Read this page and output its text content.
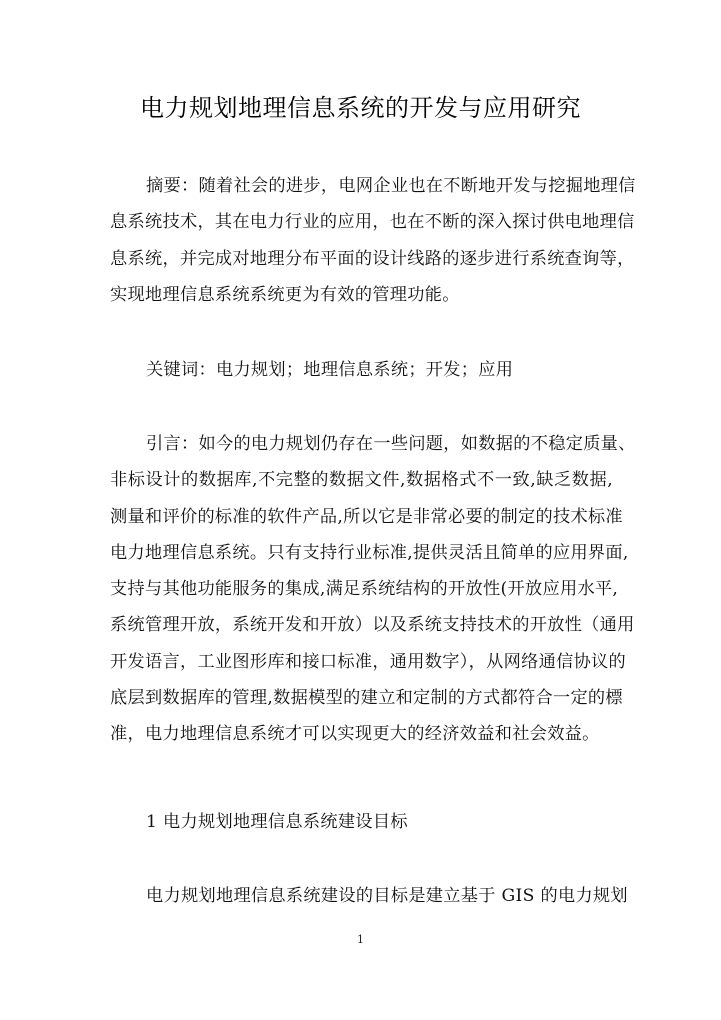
电力规划地理信息系统的开发与应用研究
摘要：随着社会的进步，电网企业也在不断地开发与挖掘地理信
息系统技术，其在电力行业的应用，也在不断的深入探讨供电地理信
息系统，并完成对地理分布平面的设计线路的逐步进行系统查询等，
实现地理信息系统系统更为有效的管理功能。
关键词：电力规划；地理信息系统；开发；应用
引言：如今的电力规划仍存在一些问题，如数据的不稳定质量、
非标设计的数据库,不完整的数据文件,数据格式不一致,缺乏数据,
测量和评价的标准的软件产品,所以它是非常必要的制定的技术标准
电力地理信息系统。只有支持行业标准,提供灵活且简单的应用界面,
支持与其他功能服务的集成,满足系统结构的开放性(开放应用水平,
系统管理开放，系统开发和开放）以及系统支持技术的开放性（通用
开发语言，工业图形库和接口标准，通用数字），从网络通信协议的
底层到数据库的管理,数据模型的建立和定制的方式都符合一定的標
准，电力地理信息系统才可以实现更大的经济效益和社会效益。
1 电力规划地理信息系统建设目标
电力规划地理信息系统建设的目标是建立基于 GIS 的电力规划
1
